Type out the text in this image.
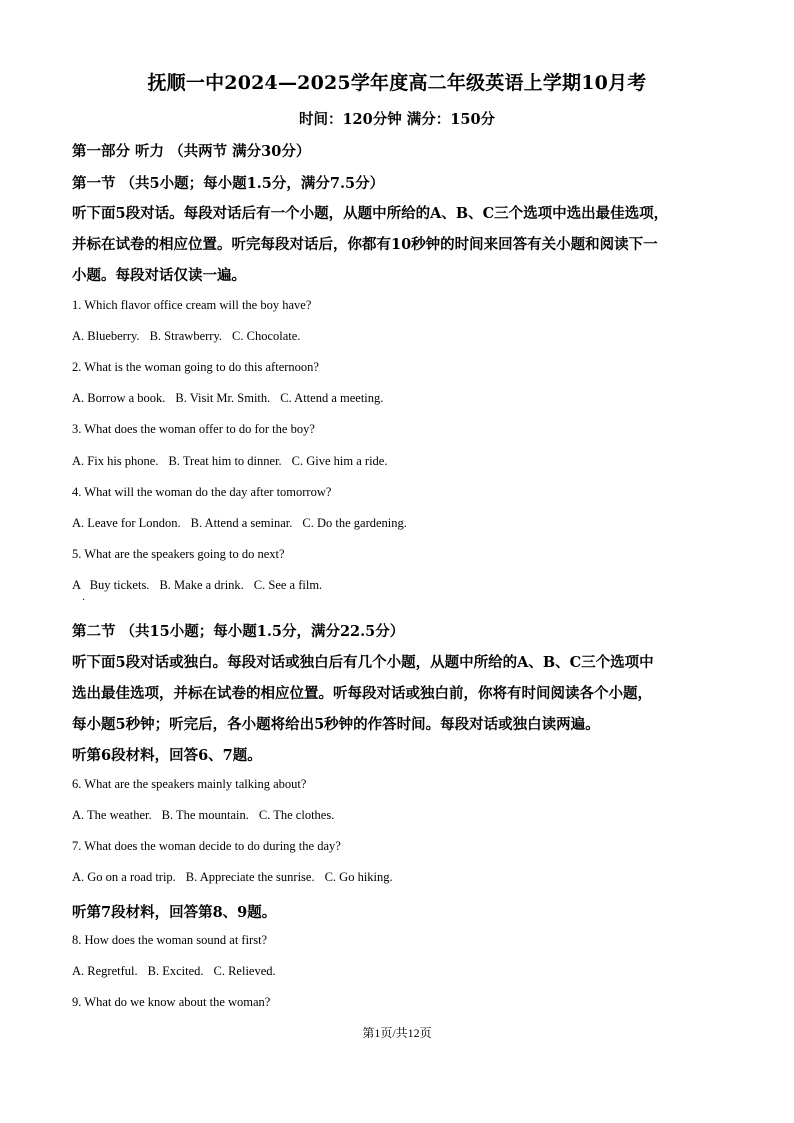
抚顺一中2024—2025学年度高二年级英语上学期10月考
时间：120分钟 满分：150分
第一部分 听力 （共两节 满分30分）
第一节 （共5小题；每小题1.5分，满分7.5分）
听下面5段对话。每段对话后有一个小题，从题中所给的A、B、C三个选项中选出最佳选项，
并标在试卷的相应位置。听完每段对话后，你都有10秒钟的时间来回答有关小题和阅读下一
小题。每段对话仅读一遍。
1. Which flavor office cream will the boy have?
A. Blueberry. B. Strawberry. C. Chocolate.
2. What is the woman going to do this afternoon?
A. Borrow a book. B. Visit Mr. Smith. C. Attend a meeting.
3. What does the woman offer to do for the boy?
A. Fix his phone. B. Treat him to dinner. C. Give him a ride.
4. What will the woman do the day after tomorrow?
A. Leave for London. B. Attend a seminar. C. Do the gardening.
5. What are the speakers going to do next?
A   Buy tickets. B. Make a drink. C. See a film.
·
第二节 （共15小题；每小题1.5分，满分22.5分）
听下面5段对话或独白。每段对话或独白后有几个小题，从题中所给的A、B、C三个选项中
选出最佳选项，并标在试卷的相应位置。听每段对话或独白前，你将有时间阅读各个小题，
每小题5秒钟；听完后，各小题将给出5秒钟的作答时间。每段对话或独白读两遍。
听第6段材料，回答6、7题。
6. What are the speakers mainly talking about?
A. The weather. B. The mountain. C. The clothes.
7. What does the woman decide to do during the day?
A. Go on a road trip. B. Appreciate the sunrise. C. Go hiking.
听第7段材料，回答第8、9题。
8. How does the woman sound at first?
A. Regretful. B. Excited. C. Relieved.
9. What do we know about the woman?
第1页/共12页
